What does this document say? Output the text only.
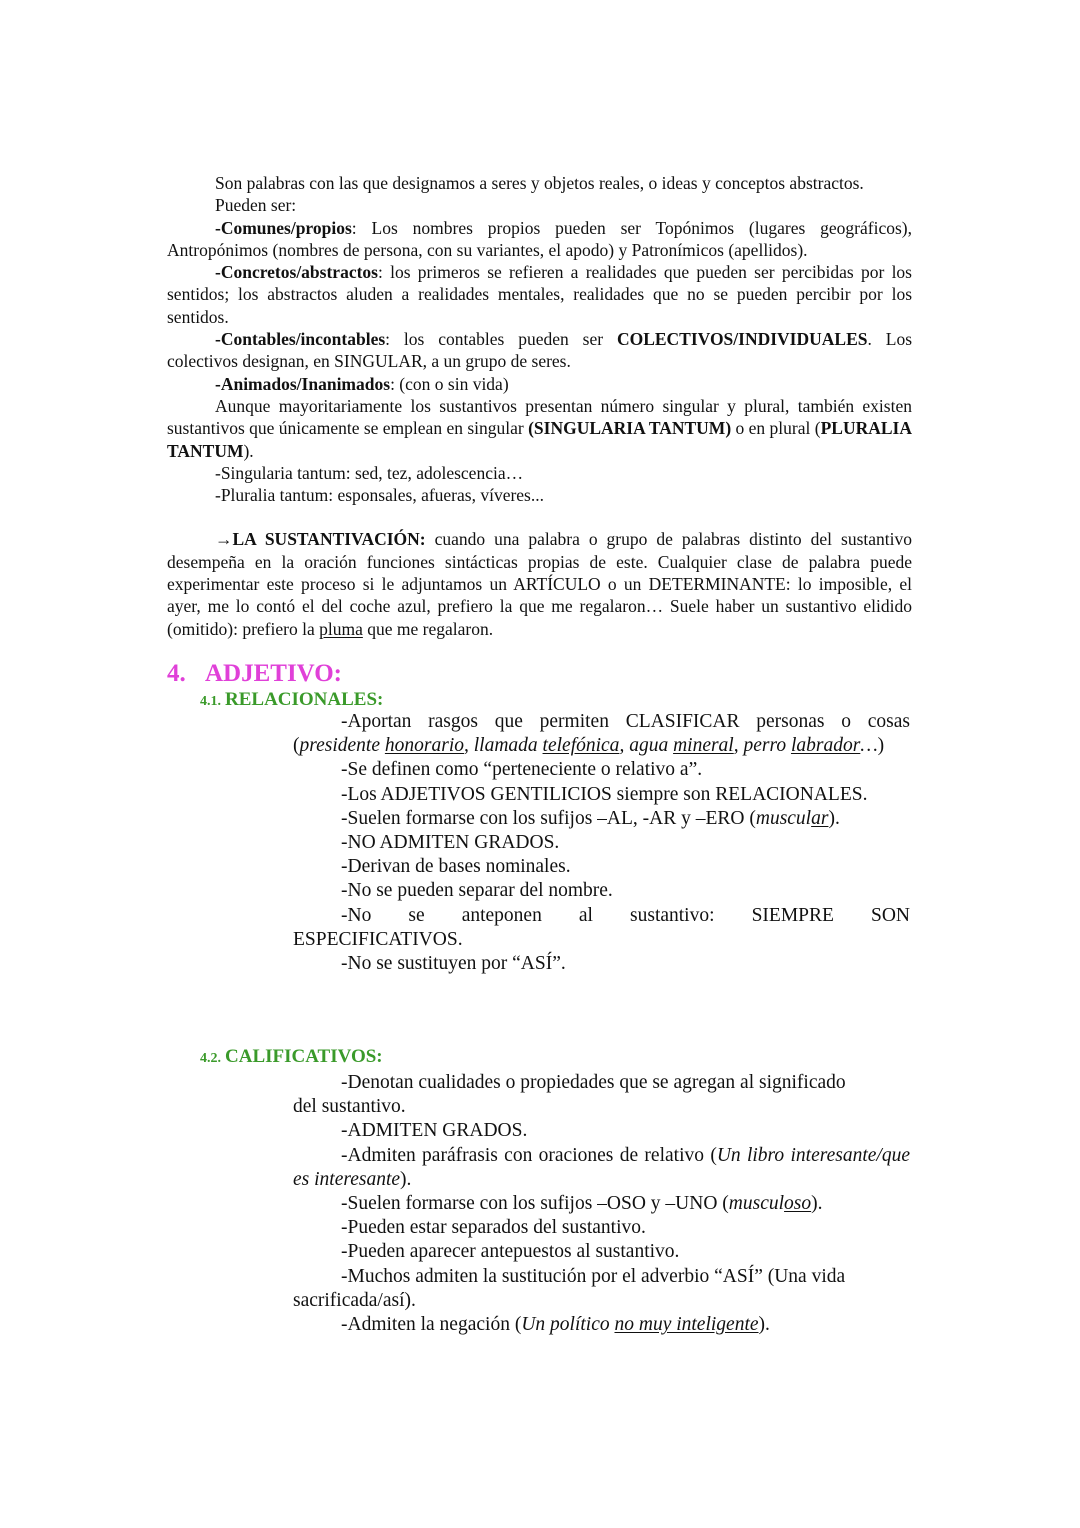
Son palabras con las que designamos a seres y objetos reales, o ideas y conceptos abstractos.

Pueden ser:

-Comunes/propios: Los nombres propios pueden ser Topónimos (lugares geográficos), Antropónimos (nombres de persona, con su variantes, el apodo) y Patronímicos (apellidos).

-Concretos/abstractos: los primeros se refieren a realidades que pueden ser percibidas por los sentidos; los abstractos aluden a realidades mentales, realidades que no se pueden percibir por los sentidos.

-Contables/incontables: los contables pueden ser COLECTIVOS/INDIVIDUALES. Los colectivos designan, en SINGULAR, a un grupo de seres.

-Animados/Inanimados: (con o sin vida)

Aunque mayoritariamente los sustantivos presentan número singular y plural, también existen sustantivos que únicamente se emplean en singular (SINGULARIA TANTUM) o en plural (PLURALIA TANTUM).

-Singularia tantum: sed, tez, adolescencia…

-Pluralia tantum: esponsales, afueras, víveres...

→LA SUSTANTIVACIÓN: cuando una palabra o grupo de palabras distinto del sustantivo desempeña en la oración funciones sintácticas propias de este. Cualquier clase de palabra puede experimentar este proceso si le adjuntamos un ARTÍCULO o un DETERMINANTE: lo imposible, el ayer, me lo contó el del coche azul, prefiero la que me regalaron… Suele haber un sustantivo elidido (omitido): prefiero la pluma que me regalaron.

4. ADJETIVO:
4.1. RELACIONALES:

-Aportan rasgos que permiten CLASIFICAR personas o cosas (presidente honorario, llamada telefónica, agua mineral, perro labrador…)

-Se definen como “perteneciente o relativo a”.

-Los ADJETIVOS GENTILICIOS siempre son RELACIONALES.

-Suelen formarse con los sufijos –AL, -AR y –ERO (muscular).

-NO ADMITEN GRADOS.

-Derivan de bases nominales.

-No se pueden separar del nombre.

-No se anteponen al sustantivo: SIEMPRE SON

ESPECIFICATIVOS.

-No se sustituyen por “ASÍ”.

4.2. CALIFICATIVOS:

-Denotan cualidades o propiedades que se agregan al significado

del sustantivo.

-ADMITEN GRADOS.

-Admiten paráfrasis con oraciones de relativo (Un libro interesante/que es interesante).

-Suelen formarse con los sufijos –OSO y –UNO (musculoso).

-Pueden estar separados del sustantivo.

-Pueden aparecer antepuestos al sustantivo.

-Muchos admiten la sustitución por el adverbio “ASÍ” (Una vida

sacrificada/así).

-Admiten la negación (Un político no muy inteligente).
